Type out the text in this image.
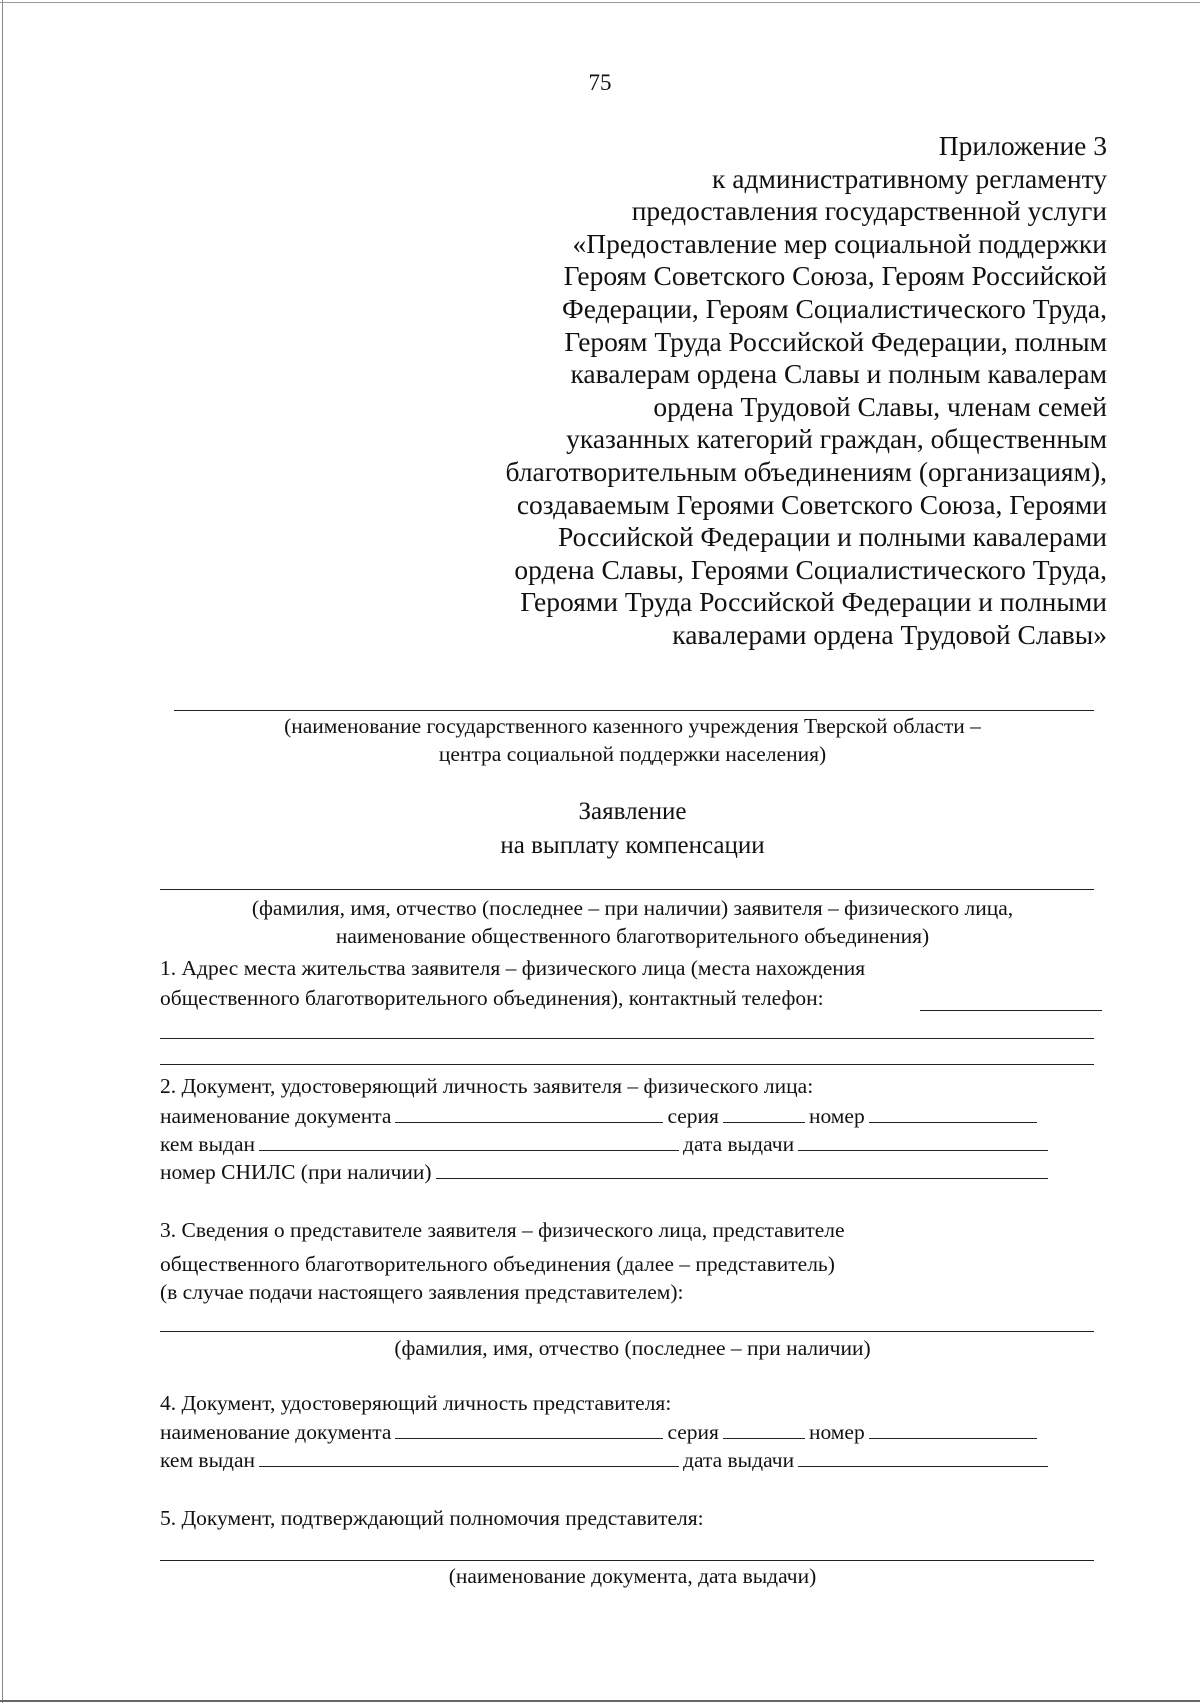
75
Приложение 3
к административному регламенту
предоставления государственной услуги
«Предоставление мер социальной поддержки
Героям Советского Союза, Героям Российской
Федерации, Героям Социалистического Труда,
Героям Труда Российской Федерации, полным
кавалерам ордена Славы и полным кавалерам
ордена Трудовой Славы, членам семей
указанных категорий граждан, общественным
благотворительным объединениям (организациям),
создаваемым Героями Советского Союза, Героями
Российской Федерации и полными кавалерами
ордена Славы, Героями Социалистического Труда,
Героями Труда Российской Федерации и полными
кавалерами ордена Трудовой Славы»
(наименование государственного казенного учреждения Тверской области –
центра социальной поддержки населения)
Заявление
на выплату компенсации
(фамилия, имя, отчество (последнее – при наличии) заявителя – физического лица,
наименование общественного благотворительного объединения)
1. Адрес места жительства заявителя – физического лица (места нахождения
общественного благотворительного объединения), контактный телефон:
2. Документ, удостоверяющий личность заявителя – физического лица:
наименование документа	серия	номер
кем выдан	дата выдачи
номер СНИЛС (при наличии)
3. Сведения о представителе заявителя – физического лица, представителе
общественного благотворительного объединения (далее – представитель)
(в случае подачи настоящего заявления представителем):
(фамилия, имя, отчество (последнее – при наличии)
4. Документ, удостоверяющий личность представителя:
наименование документа	серия	номер
кем выдан	дата выдачи
5. Документ, подтверждающий полномочия представителя:
(наименование документа, дата выдачи)
